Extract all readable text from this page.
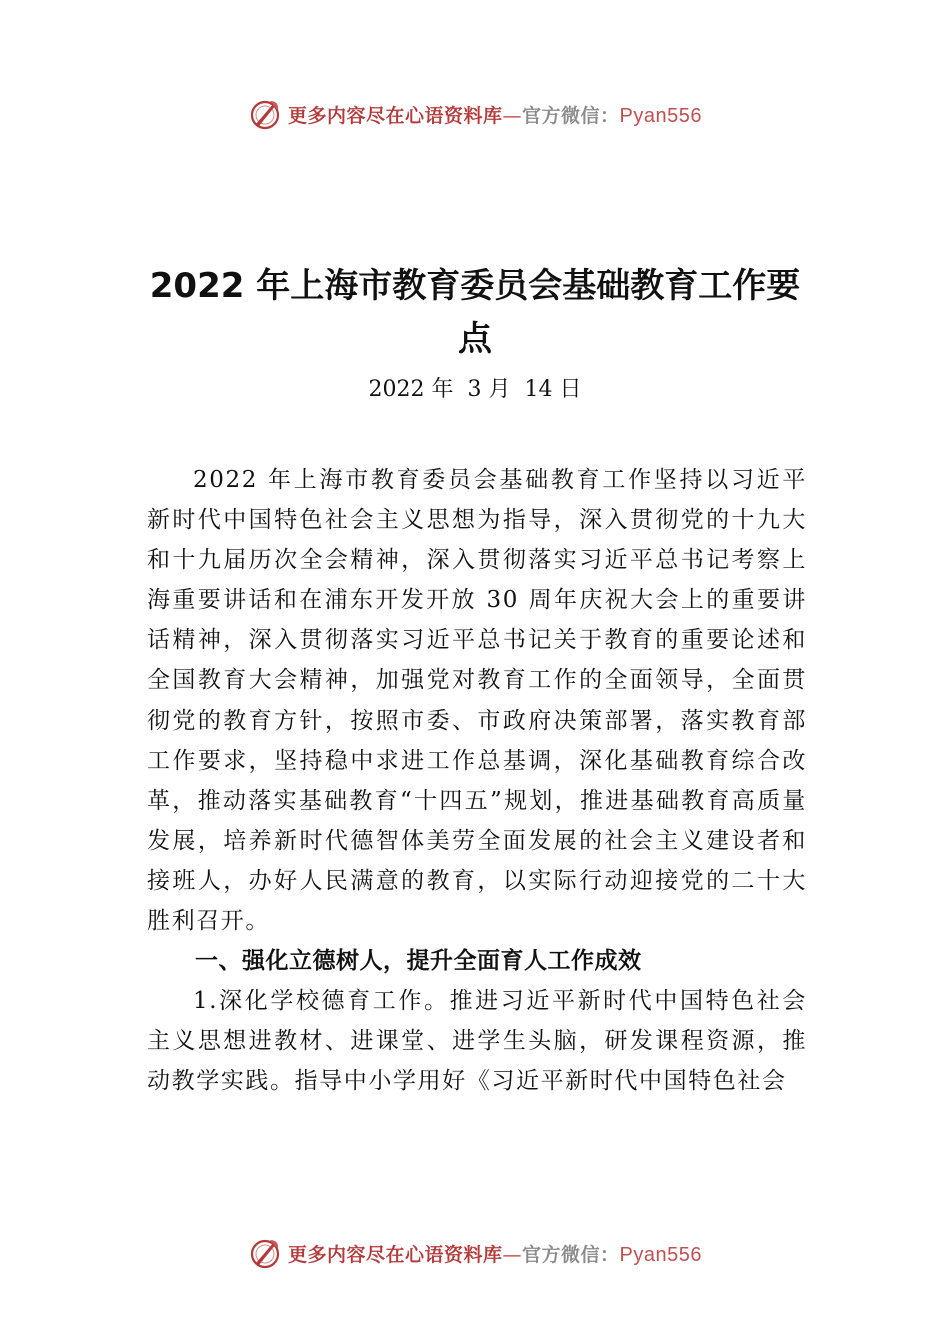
更多内容尽在心语资料库—官方微信：Pyan556
2022 年上海市教育委员会基础教育工作要点
2022 年  3 月  14 日

2022 年上海市教育委员会基础教育工作坚持以习近平新时代中国特色社会主义思想为指导，深入贯彻党的十九大和十九届历次全会精神，深入贯彻落实习近平总书记考察上海重要讲话和在浦东开发开放 30 周年庆祝大会上的重要讲话精神，深入贯彻落实习近平总书记关于教育的重要论述和全国教育大会精神，加强党对教育工作的全面领导，全面贯彻党的教育方针，按照市委、市政府决策部署，落实教育部工作要求，坚持稳中求进工作总基调，深化基础教育综合改革，推动落实基础教育“十四五”规划，推进基础教育高质量发展，培养新时代德智体美劳全面发展的社会主义建设者和接班人，办好人民满意的教育，以实际行动迎接党的二十大胜利召开。

一、强化立德树人，提升全面育人工作成效

1.深化学校德育工作。推进习近平新时代中国特色社会主义思想进教材、进课堂、进学生头脑，研发课程资源，推动教学实践。指导中小学用好《习近平新时代中国特色社会

更多内容尽在心语资料库—官方微信：Pyan556
